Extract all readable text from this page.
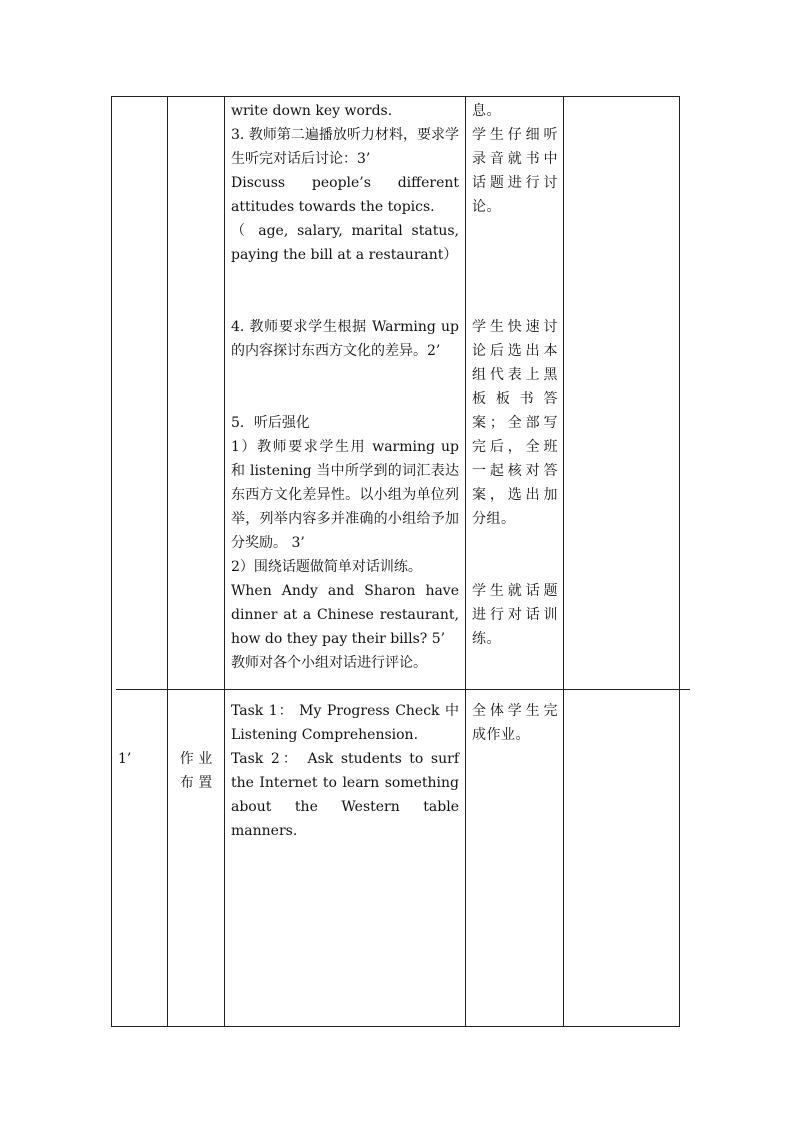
write down key words.

3. 教师第二遍播放听力材料，要求学生听完对话后讨论：3’

Discuss people’s different attitudes towards the topics.

（ age, salary, marital status, paying the bill at a restaurant）

4. 教师要求学生根据 Warming up 的内容探讨东西方文化的差异。2’

5．听后强化

1）教师要求学生用 warming up 和 listening 当中所学到的词汇表达东西方文化差异性。以小组为单位列举，列举内容多并准确的小组给予加分奖励。 3’

2）围绕话题做简单对话训练。

When Andy and Sharon have dinner at a Chinese restaurant, how do they pay their bills? 5’

教师对各个小组对话进行评论。

息。

学生仔细听录音就书中话题进行讨论。

学生快速讨论后选出本组代表上黑板板书答案；全部写完后，全班一起核对答案，选出加分组。

学生就话题进行对话训练。

1’	作 业

布 置

Task 1： My Progress Check 中 Listening Comprehension.

Task 2： Ask students to surf the Internet to learn something about the Western table manners.

全体学生完成作业。
